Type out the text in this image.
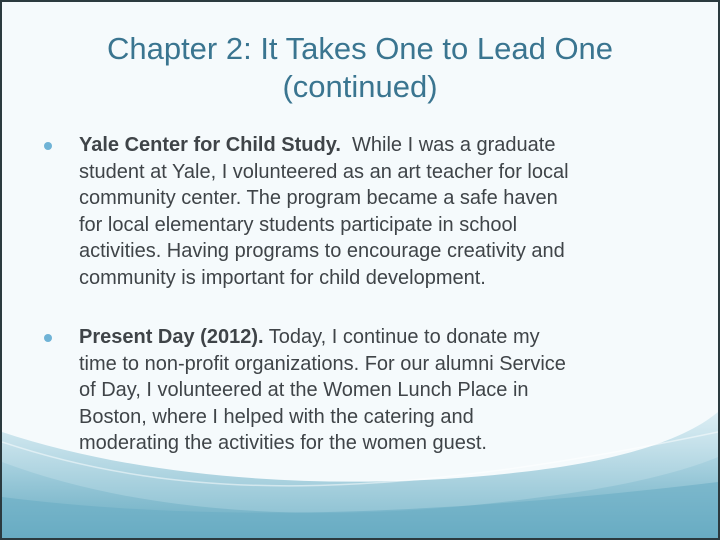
Chapter 2: It Takes One to Lead One
(continued)
Yale Center for Child Study.  While I was a graduate
student at Yale, I volunteered as an art teacher for local
community center. The program became a safe haven
for local elementary students participate in school
activities. Having programs to encourage creativity and
community is important for child development.
Present Day (2012). Today, I continue to donate my
time to non-profit organizations. For our alumni Service
of Day, I volunteered at the Women Lunch Place in
Boston, where I helped with the catering and
moderating the activities for the women guest.
